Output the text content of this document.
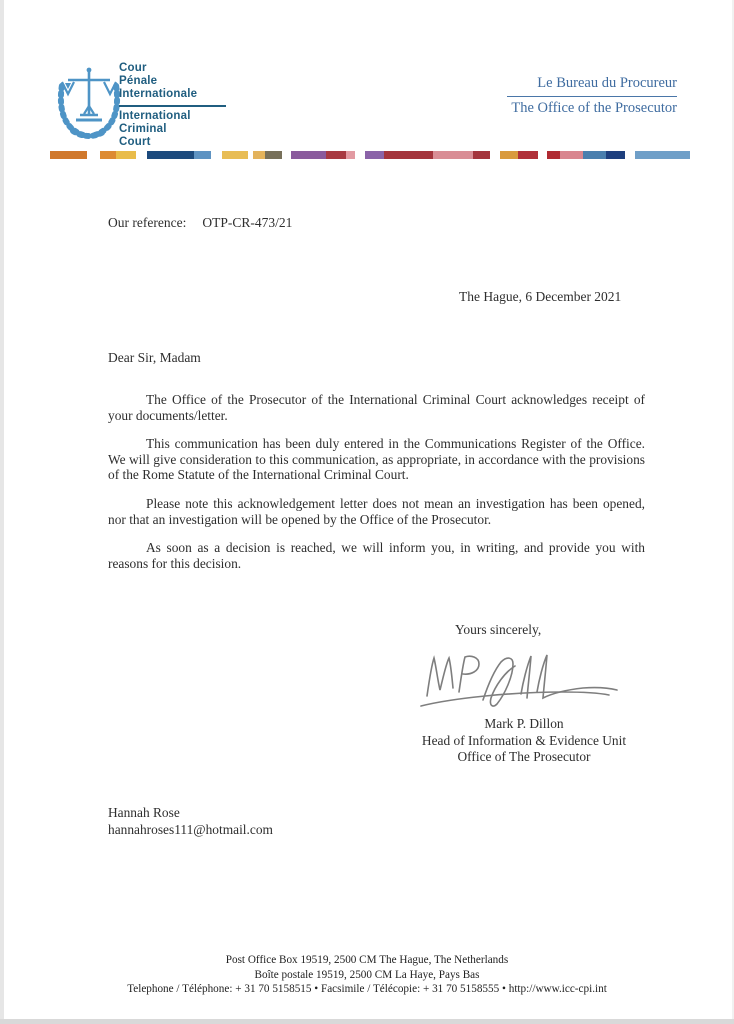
Cour
Pénale
Internationale
International
Criminal
Court
Le Bureau du Procureur
The Office of the Prosecutor
Our reference: OTP-CR-473/21
The Hague, 6 December 2021
Dear Sir, Madam

The Office of the Prosecutor of the International Criminal Court acknowledges receipt of your documents/letter.

This communication has been duly entered in the Communications Register of the Office. We will give consideration to this communication, as appropriate, in accordance with the provisions of the Rome Statute of the International Criminal Court.

Please note this acknowledgement letter does not mean an investigation has been opened, nor that an investigation will be opened by the Office of the Prosecutor.

As soon as a decision is reached, we will inform you, in writing, and provide you with reasons for this decision.

Yours sincerely,
Mark P. Dillon
Head of Information & Evidence Unit
Office of The Prosecutor
Hannah Rose
hannahroses111@hotmail.com
Post Office Box 19519, 2500 CM The Hague, The Netherlands
Boîte postale 19519, 2500 CM La Haye, Pays Bas
Telephone / Téléphone: + 31 70 5158515 • Facsimile / Télécopie: + 31 70 5158555 • http://www.icc-cpi.int
